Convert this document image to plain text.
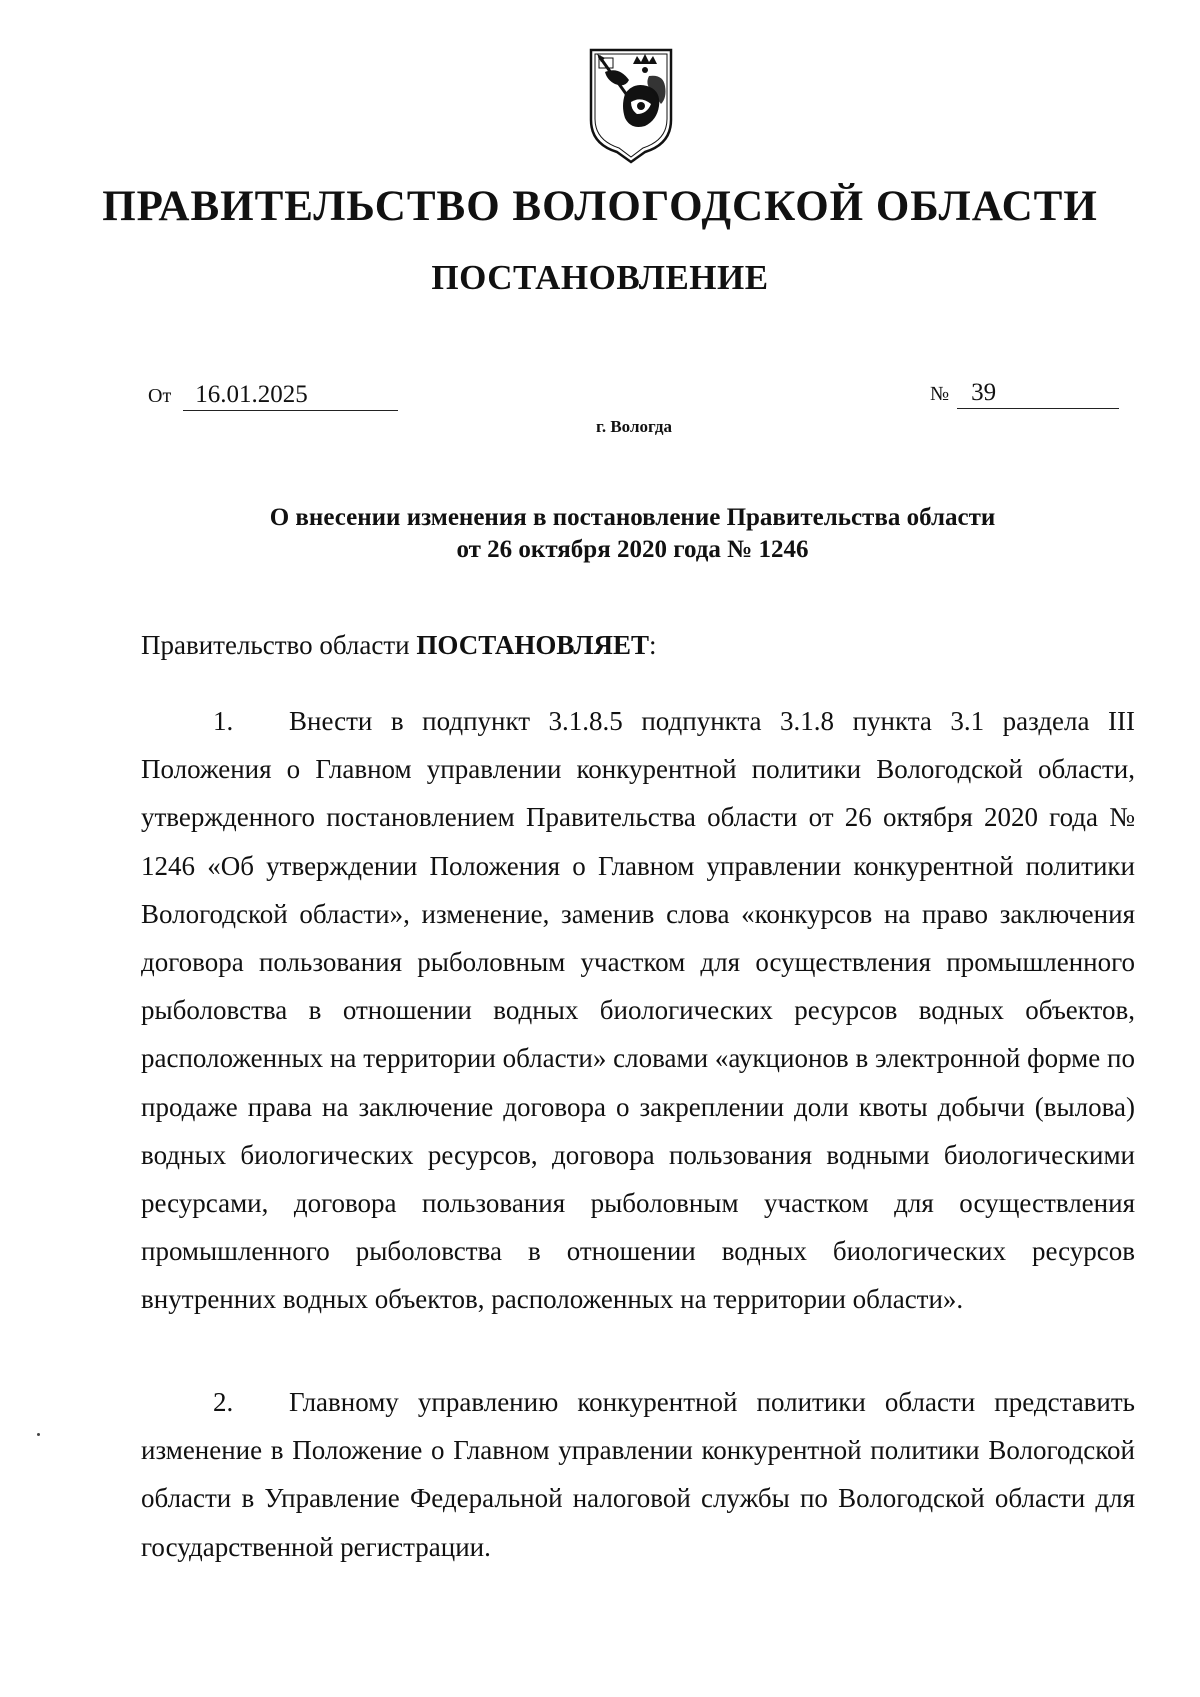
ПРАВИТЕЛЬСТВО ВОЛОГОДСКОЙ ОБЛАСТИ
ПОСТАНОВЛЕНИЕ
От 16.01.2025	№ 39
г. Вологда
О внесении изменения в постановление Правительства области
от 26 октября 2020 года № 1246
Правительство области ПОСТАНОВЛЯЕТ:
1. Внести в подпункт 3.1.8.5 подпункта 3.1.8 пункта 3.1 раздела III Положения о Главном управлении конкурентной политики Вологодской области, утвержденного постановлением Правительства области от 26 октября 2020 года № 1246 «Об утверждении Положения о Главном управлении конкурентной политики Вологодской области», изменение, заменив слова «конкурсов на право заключения договора пользования рыболовным участком для осуществления промышленного рыболовства в отношении водных биологических ресурсов водных объектов, расположенных на территории области» словами «аукционов в электронной форме по продаже права на заключение договора о закреплении доли квоты добычи (вылова) водных биологических ресурсов, договора пользования водными биологическими ресурсами, договора пользования рыболовным участком для осуществления промышленного рыболовства в отношении водных биологических ресурсов внутренних водных объектов, расположенных на территории области».
2. Главному управлению конкурентной политики области представить изменение в Положение о Главном управлении конкурентной политики Вологодской области в Управление Федеральной налоговой службы по Вологодской области для государственной регистрации.
